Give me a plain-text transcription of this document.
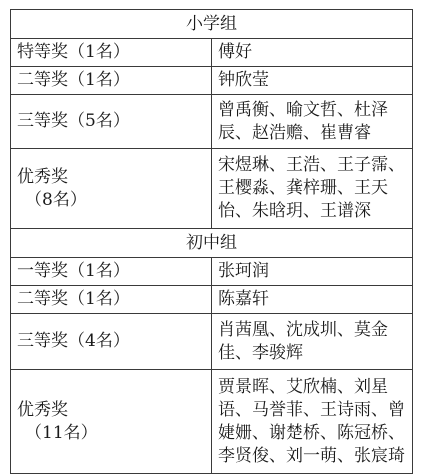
小学组	
特等奖（1名）	傅好
二等奖（1名）	钟欣莹
三等奖（5名）	曾禹衡、喻文哲、杜泽辰、赵浩赡、崔曹睿

优秀奖
（8名）	宋煜琳、王浩、王子霈、王樱淼、龚梓珊、王天怡、朱晗玥、王谱深
初中组	
一等奖（1名）	张珂润
二等奖（1名）	陈嘉轩
三等奖（4名）	肖茜凰、沈成圳、莫金佳、李骏辉

优秀奖
（11名）	贾景晖、艾欣楠、刘星语、马誉菲、王诗雨、曾婕姗、谢楚桥、陈冠桥、李贤俊、刘一萌、张宸琦
